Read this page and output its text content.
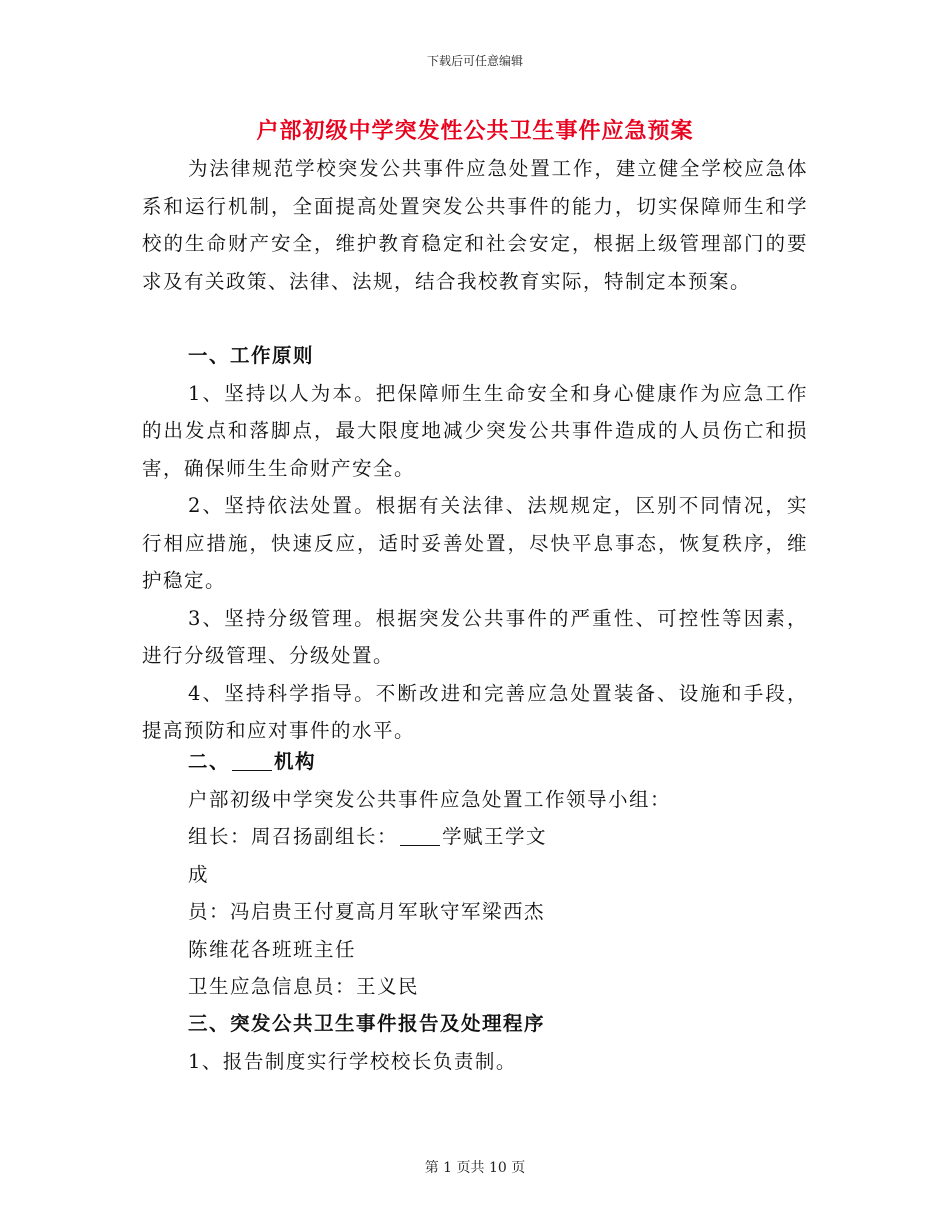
下载后可任意编辑
户部初级中学突发性公共卫生事件应急预案

为法律规范学校突发公共事件应急处置工作，建立健全学校应急体系和运行机制，全面提高处置突发公共事件的能力，切实保障师生和学校的生命财产安全，维护教育稳定和社会安定，根据上级管理部门的要求及有关政策、法律、法规，结合我校教育实际，特制定本预案。

一、工作原则

1、坚持以人为本。把保障师生生命安全和身心健康作为应急工作的出发点和落脚点，最大限度地减少突发公共事件造成的人员伤亡和损害，确保师生生命财产安全。

2、坚持依法处置。根据有关法律、法规规定，区别不同情况，实行相应措施，快速反应，适时妥善处置，尽快平息事态，恢复秩序，维护稳定。

3、坚持分级管理。根据突发公共事件的严重性、可控性等因素，进行分级管理、分级处置。

4、坚持科学指导。不断改进和完善应急处置装备、设施和手段，提高预防和应对事件的水平。

二、 机构

户部初级中学突发公共事件应急处置工作领导小组：

组长：周召扬副组长： 学赋王学文

成

员：冯启贵王付夏高月军耿守军梁西杰

陈维花各班班主任

卫生应急信息员：王义民

三、突发公共卫生事件报告及处理程序

1、报告制度实行学校校长负责制。

第 1 页共 10 页
